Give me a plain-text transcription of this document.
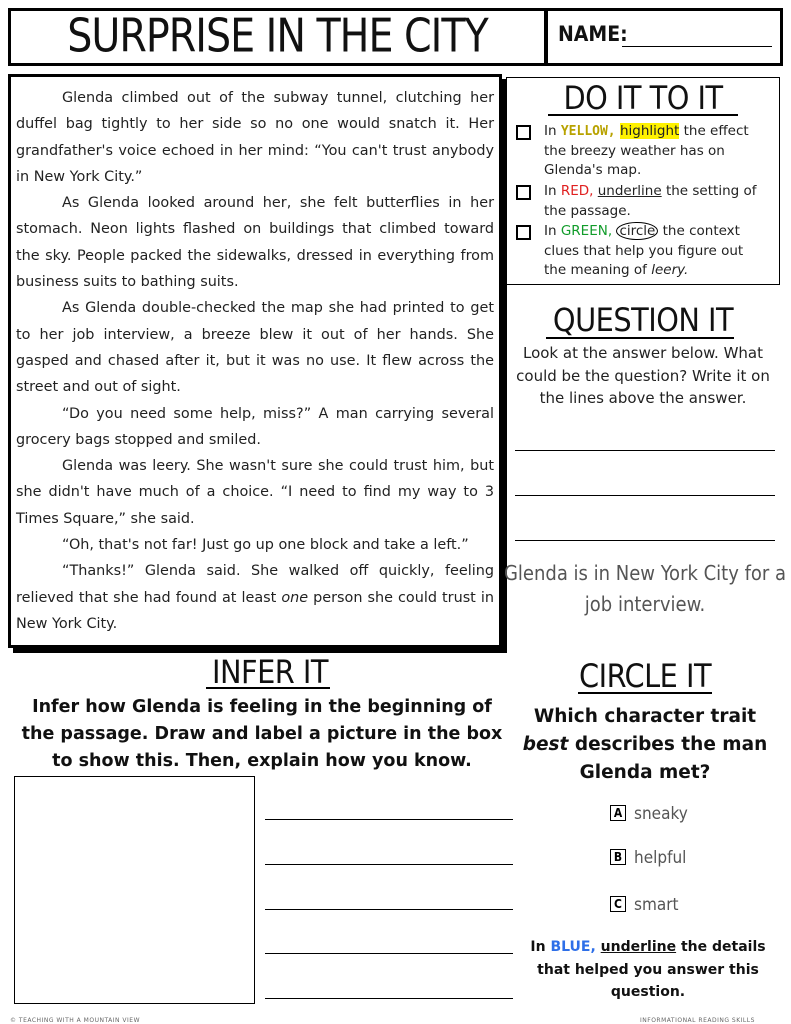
SURPRISE IN THE CITY	NAME:

Glenda climbed out of the subway tunnel, clutching her duffel bag tightly to her side so no one would snatch it. Her grandfather's voice echoed in her mind: “You can't trust anybody in New York City.”

As Glenda looked around her, she felt butterflies in her stomach. Neon lights flashed on buildings that climbed toward the sky. People packed the sidewalks, dressed in everything from business suits to bathing suits.

As Glenda double-checked the map she had printed to get to her job interview, a breeze blew it out of her hands. She gasped and chased after it, but it was no use. It flew across the street and out of sight.

“Do you need some help, miss?” A man carrying several grocery bags stopped and smiled.

Glenda was leery. She wasn't sure she could trust him, but she didn't have much of a choice. “I need to find my way to 3 Times Square,” she said.

“Oh, that's not far! Just go up one block and take a left.”

“Thanks!” Glenda said. She walked off quickly, feeling relieved that she had found at least one person she could trust in New York City.

DO IT TO IT
In YELLOW, highlight the effect the breezy weather has on Glenda's map.
In RED, underline the setting of the passage.
In GREEN, circle the context clues that help you figure out the meaning of leery.
QUESTION IT
Look at the answer below. What could be the question? Write it on the lines above the answer.
Glenda is in New York City for a job interview.
INFER IT
Infer how Glenda is feeling in the beginning of the passage. Draw and label a picture in the box to show this. Then, explain how you know.
CIRCLE IT
Which character trait best describes the man Glenda met?
A sneaky
B helpful
C smart
In BLUE, underline the details that helped you answer this question.
© TEACHING WITH A MOUNTAIN VIEW	INFORMATIONAL READING SKILLS
